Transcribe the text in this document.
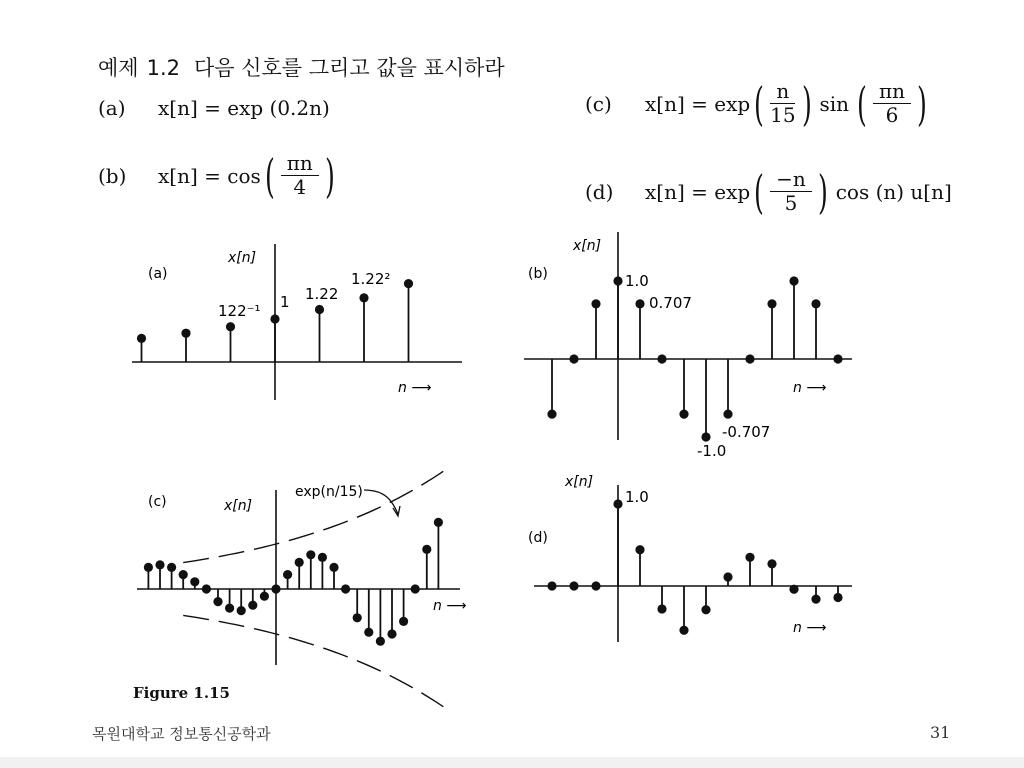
예제 1.2 다음 신호를 그리고 값을 표시하라
(a)	x[n] = exp (0.2n)
(b)	x[n] = cos ( $\frac{\pi n}{4}$ )
(c)	x[n] = exp ( $\frac{n}{15}$ ) sin ( $\frac{\pi n}{6}$ )
(d)	x[n] = exp ( $\frac{-n}{5}$ ) cos (n) u[n]
(a)
x[n]
n ⟶
122⁻¹ 1 1.22
1.22²	(b)
x[n]
n ⟶
1.0
0.707
-0.707
-1.0
(c)	x[n]
n ⟶
exp(n/15)
(d)
x[n]
n ⟶
1.0
Figure 1.15
목원대학교 정보통신공학과	31
